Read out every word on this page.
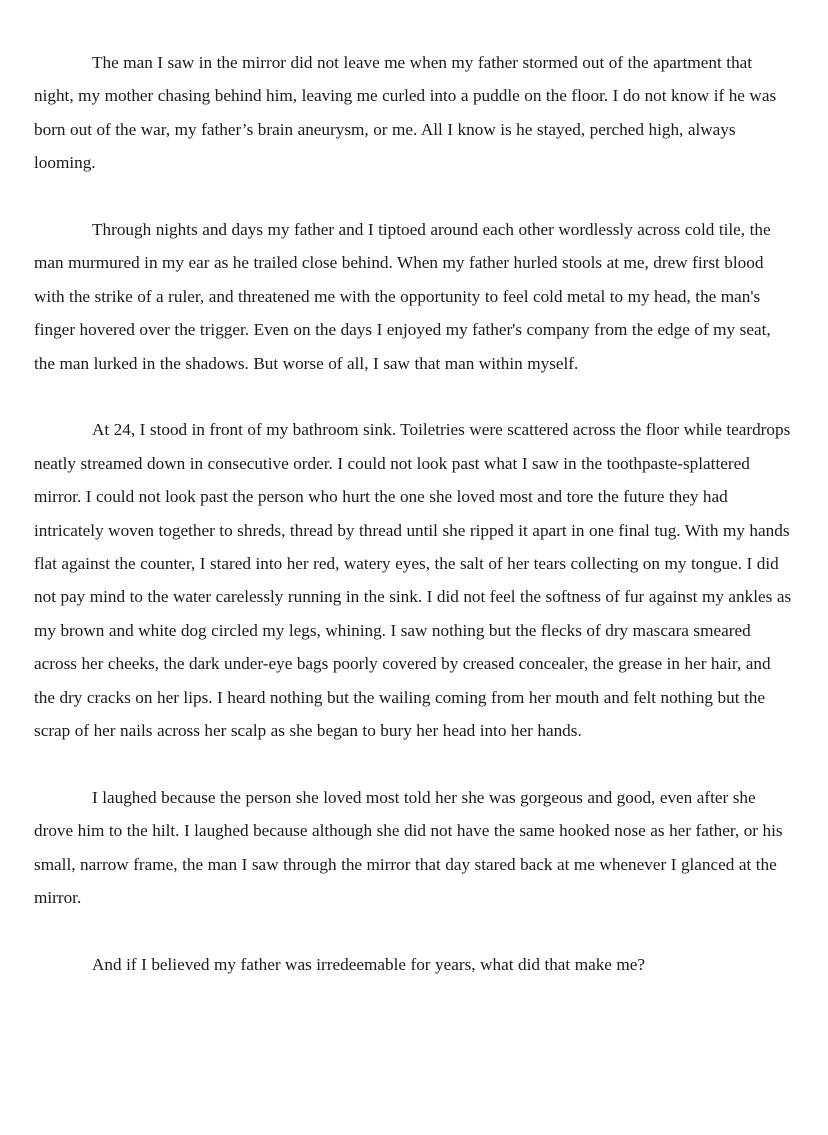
The man I saw in the mirror did not leave me when my father stormed out of the apartment that night, my mother chasing behind him, leaving me curled into a puddle on the floor. I do not know if he was born out of the war, my father’s brain aneurysm, or me. All I know is he stayed, perched high, always looming.

Through nights and days my father and I tiptoed around each other wordlessly across cold tile, the man murmured in my ear as he trailed close behind. When my father hurled stools at me, drew first blood with the strike of a ruler, and threatened me with the opportunity to feel cold metal to my head, the man's finger hovered over the trigger. Even on the days I enjoyed my father's company from the edge of my seat, the man lurked in the shadows. But worse of all, I saw that man within myself.

At 24, I stood in front of my bathroom sink. Toiletries were scattered across the floor while teardrops neatly streamed down in consecutive order. I could not look past what I saw in the toothpaste-splattered mirror. I could not look past the person who hurt the one she loved most and tore the future they had intricately woven together to shreds, thread by thread until she ripped it apart in one final tug. With my hands flat against the counter, I stared into her red, watery eyes, the salt of her tears collecting on my tongue. I did not pay mind to the water carelessly running in the sink. I did not feel the softness of fur against my ankles as my brown and white dog circled my legs, whining. I saw nothing but the flecks of dry mascara smeared across her cheeks, the dark under-eye bags poorly covered by creased concealer, the grease in her hair, and the dry cracks on her lips. I heard nothing but the wailing coming from her mouth and felt nothing but the scrap of her nails across her scalp as she began to bury her head into her hands.

I laughed because the person she loved most told her she was gorgeous and good, even after she drove him to the hilt. I laughed because although she did not have the same hooked nose as her father, or his small, narrow frame, the man I saw through the mirror that day stared back at me whenever I glanced at the mirror.

And if I believed my father was irredeemable for years, what did that make me?
